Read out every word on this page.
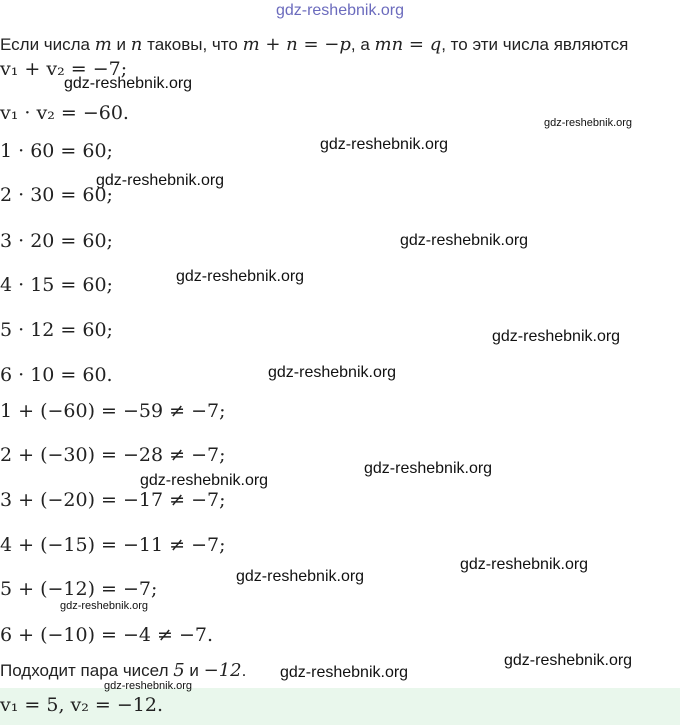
gdz-reshebnik.org
Если числа m и n таковы, что m + n = −p, а mn = q, то эти числа являются
v₁ + v₂ = −7;
v₁ · v₂ = −60.
1 · 60 = 60;
2 · 30 = 60;
3 · 20 = 60;
4 · 15 = 60;
5 · 12 = 60;
6 · 10 = 60.
1 + (−60) = −59 ≠ −7;
2 + (−30) = −28 ≠ −7;
3 + (−20) = −17 ≠ −7;
4 + (−15) = −11 ≠ −7;
5 + (−12) = −7;
6 + (−10) = −4 ≠ −7.
Подходит пара чисел 5 и −12.
v₁ = 5, v₂ = −12.
gdz-reshebnik.org
gdz-reshebnik.org
gdz-reshebnik.org
gdz-reshebnik.org
gdz-reshebnik.org
gdz-reshebnik.org
gdz-reshebnik.org
gdz-reshebnik.org
gdz-reshebnik.org
gdz-reshebnik.org
gdz-reshebnik.org
gdz-reshebnik.org
gdz-reshebnik.org
gdz-reshebnik.org
gdz-reshebnik.org
gdz-reshebnik.org
